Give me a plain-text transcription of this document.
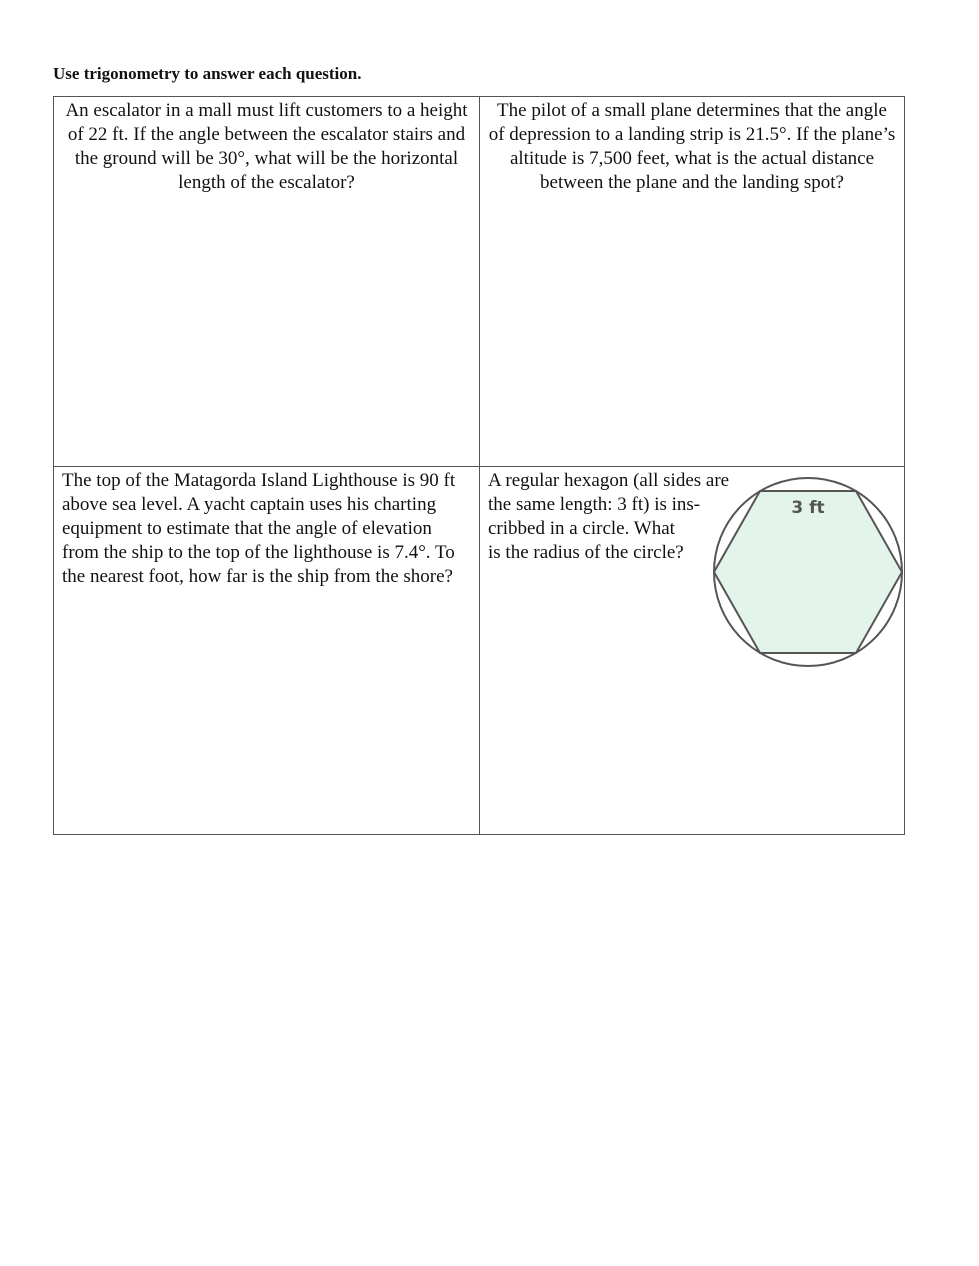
Use trigonometry to answer each question.

An escalator in a mall must lift customers to a height of 22 ft. If the angle between the escalator stairs and the ground will be 30°, what will be the horizontal length of the escalator?

The pilot of a small plane determines that the angle of depression to a landing strip is 21.5°. If the plane’s altitude is 7,500 feet, what is the actual distance between the plane and the landing spot?

The top of the Matagorda Island Lighthouse is 90 ft above sea level. A yacht captain uses his charting equipment to estimate that the angle of elevation from the ship to the top of the lighthouse is 7.4°. To the nearest foot, how far is the ship from the shore?

A regular hexagon (all sides are
the same length: 3 ft) is ins-
cribbed in a circle. What
is the radius of the circle?
3 ft
